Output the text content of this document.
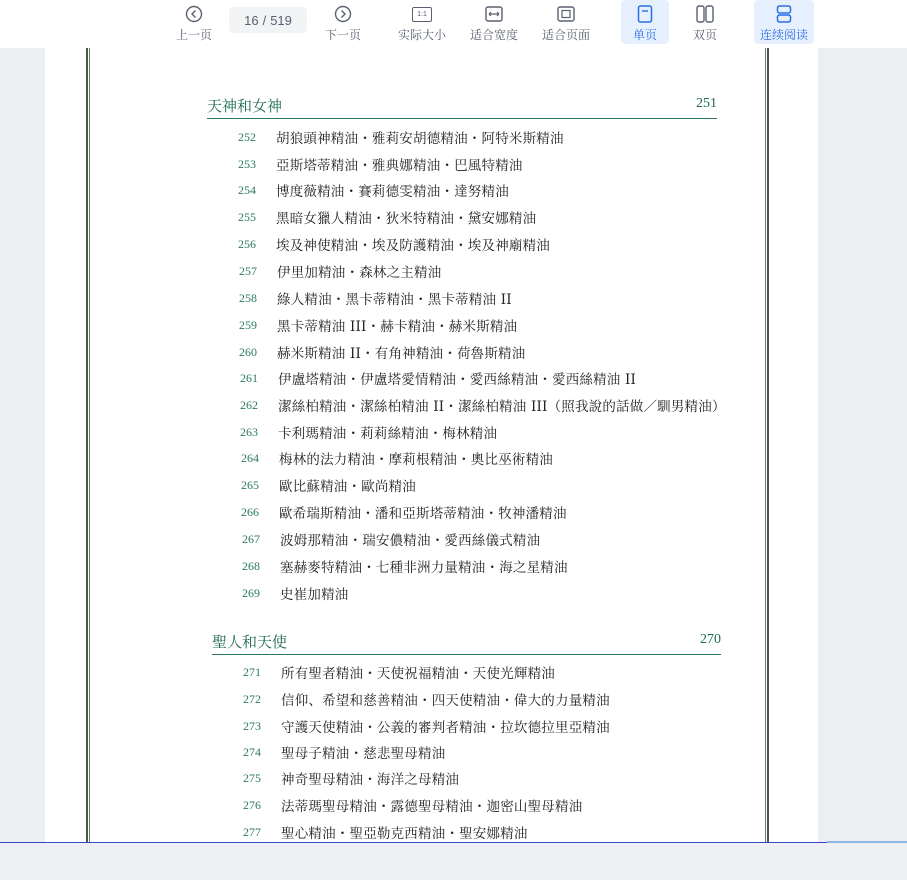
上一页
16 / 519
下一页
1:1
实际大小 适合宽度 适合页面	单页	双页	连续阅读
天神和女神	251
252	胡狼頭神精油・雅莉安胡德精油・阿特米斯精油
253	亞斯塔蒂精油・雅典娜精油・巴風特精油
254	博度薇精油・賽莉德雯精油・達努精油
255	黑暗女獵人精油・狄米特精油・黛安娜精油
256	埃及神使精油・埃及防護精油・埃及神廟精油
257	伊里加精油・森林之主精油
258	綠人精油・黑卡蒂精油・黑卡蒂精油 II
259	黑卡蒂精油 III・赫卡精油・赫米斯精油
260	赫米斯精油 II・有角神精油・荷魯斯精油
261	伊盧塔精油・伊盧塔愛情精油・愛西絲精油・愛西絲精油 II
262	潔絲柏精油・潔絲柏精油 II・潔絲柏精油 III（照我說的話做／馴男精油）
263	卡利瑪精油・莉莉絲精油・梅林精油
264	梅林的法力精油・摩莉根精油・奧比巫術精油
265	歐比蘇精油・歐尚精油
266	歐希瑞斯精油・潘和亞斯塔蒂精油・牧神潘精油
267	波姆那精油・瑞安儂精油・愛西絲儀式精油
268	塞赫麥特精油・七種非洲力量精油・海之星精油
269	史崔加精油
聖人和天使	270
271	所有聖者精油・天使祝福精油・天使光輝精油
272	信仰、希望和慈善精油・四天使精油・偉大的力量精油
273	守護天使精油・公義的審判者精油・拉坎德拉里亞精油
274	聖母子精油・慈悲聖母精油
275	神奇聖母精油・海洋之母精油
276	法蒂瑪聖母精油・露德聖母精油・迦密山聖母精油
277	聖心精油・聖亞勒克西精油・聖安娜精油
